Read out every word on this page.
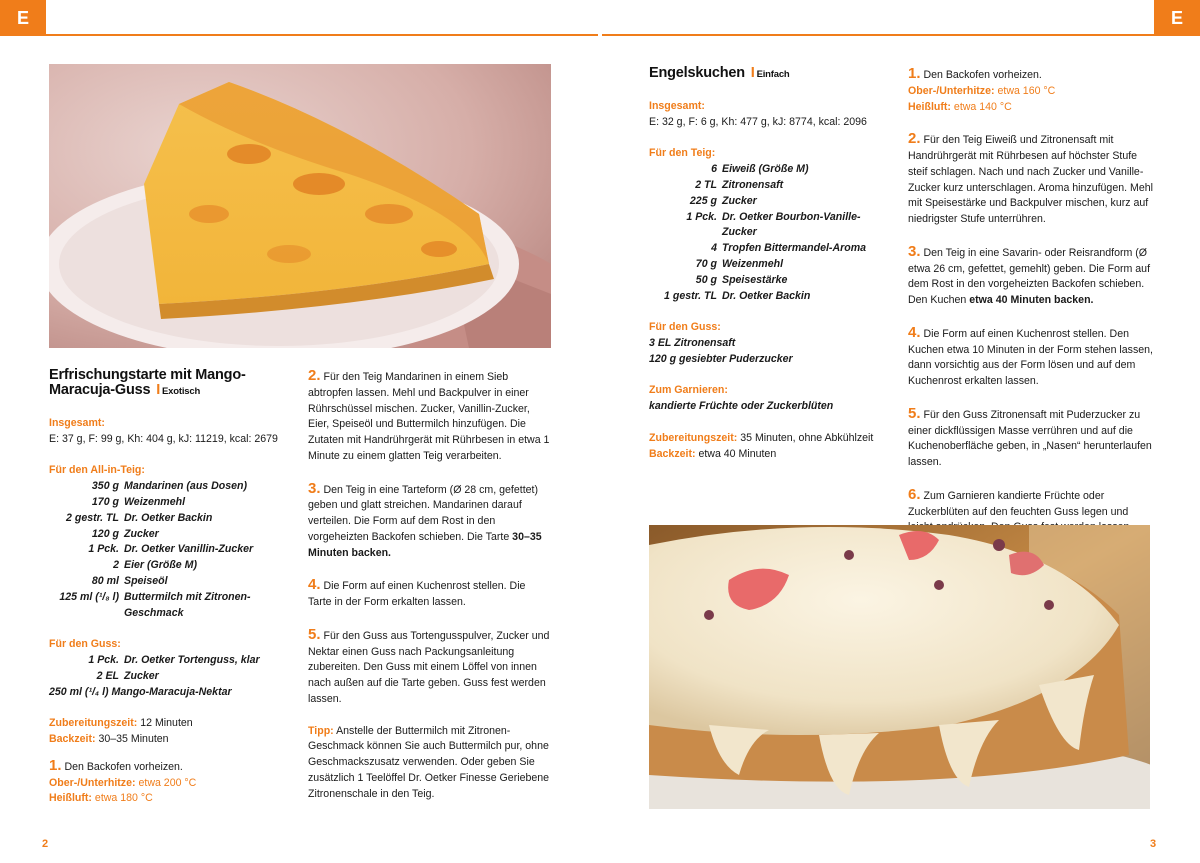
E	E
Erfrischungstarte mit Mango-
Maracuja-Guss I Exotisch
Insgesamt:
E: 37 g, F: 99 g, Kh: 404 g, kJ: 11219, kcal: 2679
Für den All-in-Teig:
350 g Mandarinen (aus Dosen)
170 g Weizenmehl
2 gestr. TL Dr. Oetker Backin
120 g Zucker
1 Pck. Dr. Oetker Vanillin-Zucker
2 Eier (Größe M)
80 ml Speiseöl
125 ml (¹/₈ l) Buttermilch mit Zitronen-
Geschmack
Für den Guss:
1 Pck. Dr. Oetker Tortenguss, klar
2 EL Zucker
250 ml (¹/₄ l) Mango-Maracuja-Nektar
Zubereitungszeit: 12 Minuten
Backzeit: 30–35 Minuten
1. Den Backofen vorheizen.
Ober-/Unterhitze: etwa 200 °C
Heißluft: etwa 180 °C
2. Für den Teig Mandarinen in einem Sieb abtropfen lassen. Mehl und Backpulver in einer Rührschüssel mischen. Zucker, Vanillin-Zucker, Eier, Speiseöl und Buttermilch hinzufügen. Die Zutaten mit Handrührgerät mit Rührbesen in etwa 1 Minute zu einem glatten Teig verarbeiten.
3. Den Teig in eine Tarteform (Ø 28 cm, gefettet) geben und glatt streichen. Mandarinen darauf verteilen. Die Form auf dem Rost in den vorgeheizten Backofen schieben. Die Tarte 30–35 Minuten backen.
4. Die Form auf einen Kuchenrost stellen. Die Tarte in der Form erkalten lassen.
5. Für den Guss aus Tortengusspulver, Zucker und Nektar einen Guss nach Packungsanleitung zubereiten. Den Guss mit einem Löffel von innen nach außen auf die Tarte geben. Guss fest werden lassen.
Tipp: Anstelle der Buttermilch mit Zitronen-Geschmack können Sie auch Buttermilch pur, ohne Geschmackszusatz verwenden. Oder geben Sie zusätzlich 1 Teelöffel Dr. Oetker Finesse Geriebene Zitronenschale in den Teig.
Engelskuchen I Einfach
Insgesamt:
E: 32 g, F: 6 g, Kh: 477 g, kJ: 8774, kcal: 2096
Für den Teig:
6 Eiweiß (Größe M)
2 TL Zitronensaft
225 g Zucker
1 Pck. Dr. Oetker Bourbon-Vanille-
Zucker
4 Tropfen Bittermandel-Aroma
70 g Weizenmehl
50 g Speisestärke
1 gestr. TL Dr. Oetker Backin
Für den Guss:
3 EL Zitronensaft
120 g gesiebter Puderzucker
Zum Garnieren:
kandierte Früchte oder Zuckerblüten
Zubereitungszeit: 35 Minuten, ohne Abkühlzeit
Backzeit: etwa 40 Minuten
1. Den Backofen vorheizen.
Ober-/Unterhitze: etwa 160 °C
Heißluft: etwa 140 °C
2. Für den Teig Eiweiß und Zitronensaft mit Handrührgerät mit Rührbesen auf höchster Stufe steif schlagen. Nach und nach Zucker und Vanille-Zucker kurz unterschlagen. Aroma hinzufügen. Mehl mit Speisestärke und Backpulver mischen, kurz auf niedrigster Stufe unterrühren.
3. Den Teig in eine Savarin- oder Reisrandform (Ø etwa 26 cm, gefettet, gemehlt) geben. Die Form auf dem Rost in den vorgeheizten Backofen schieben. Den Kuchen etwa 40 Minuten backen.
4. Die Form auf einen Kuchenrost stellen. Den Kuchen etwa 10 Minuten in der Form stehen lassen, dann vorsichtig aus der Form lösen und auf dem Kuchenrost erkalten lassen.
5. Für den Guss Zitronensaft mit Puderzucker zu einer dickflüssigen Masse verrühren und auf die Kuchenoberfläche geben, in „Nasen“ herunterlaufen lassen.
6. Zum Garnieren kandierte Früchte oder Zuckerblüten auf den feuchten Guss legen und
2	3
